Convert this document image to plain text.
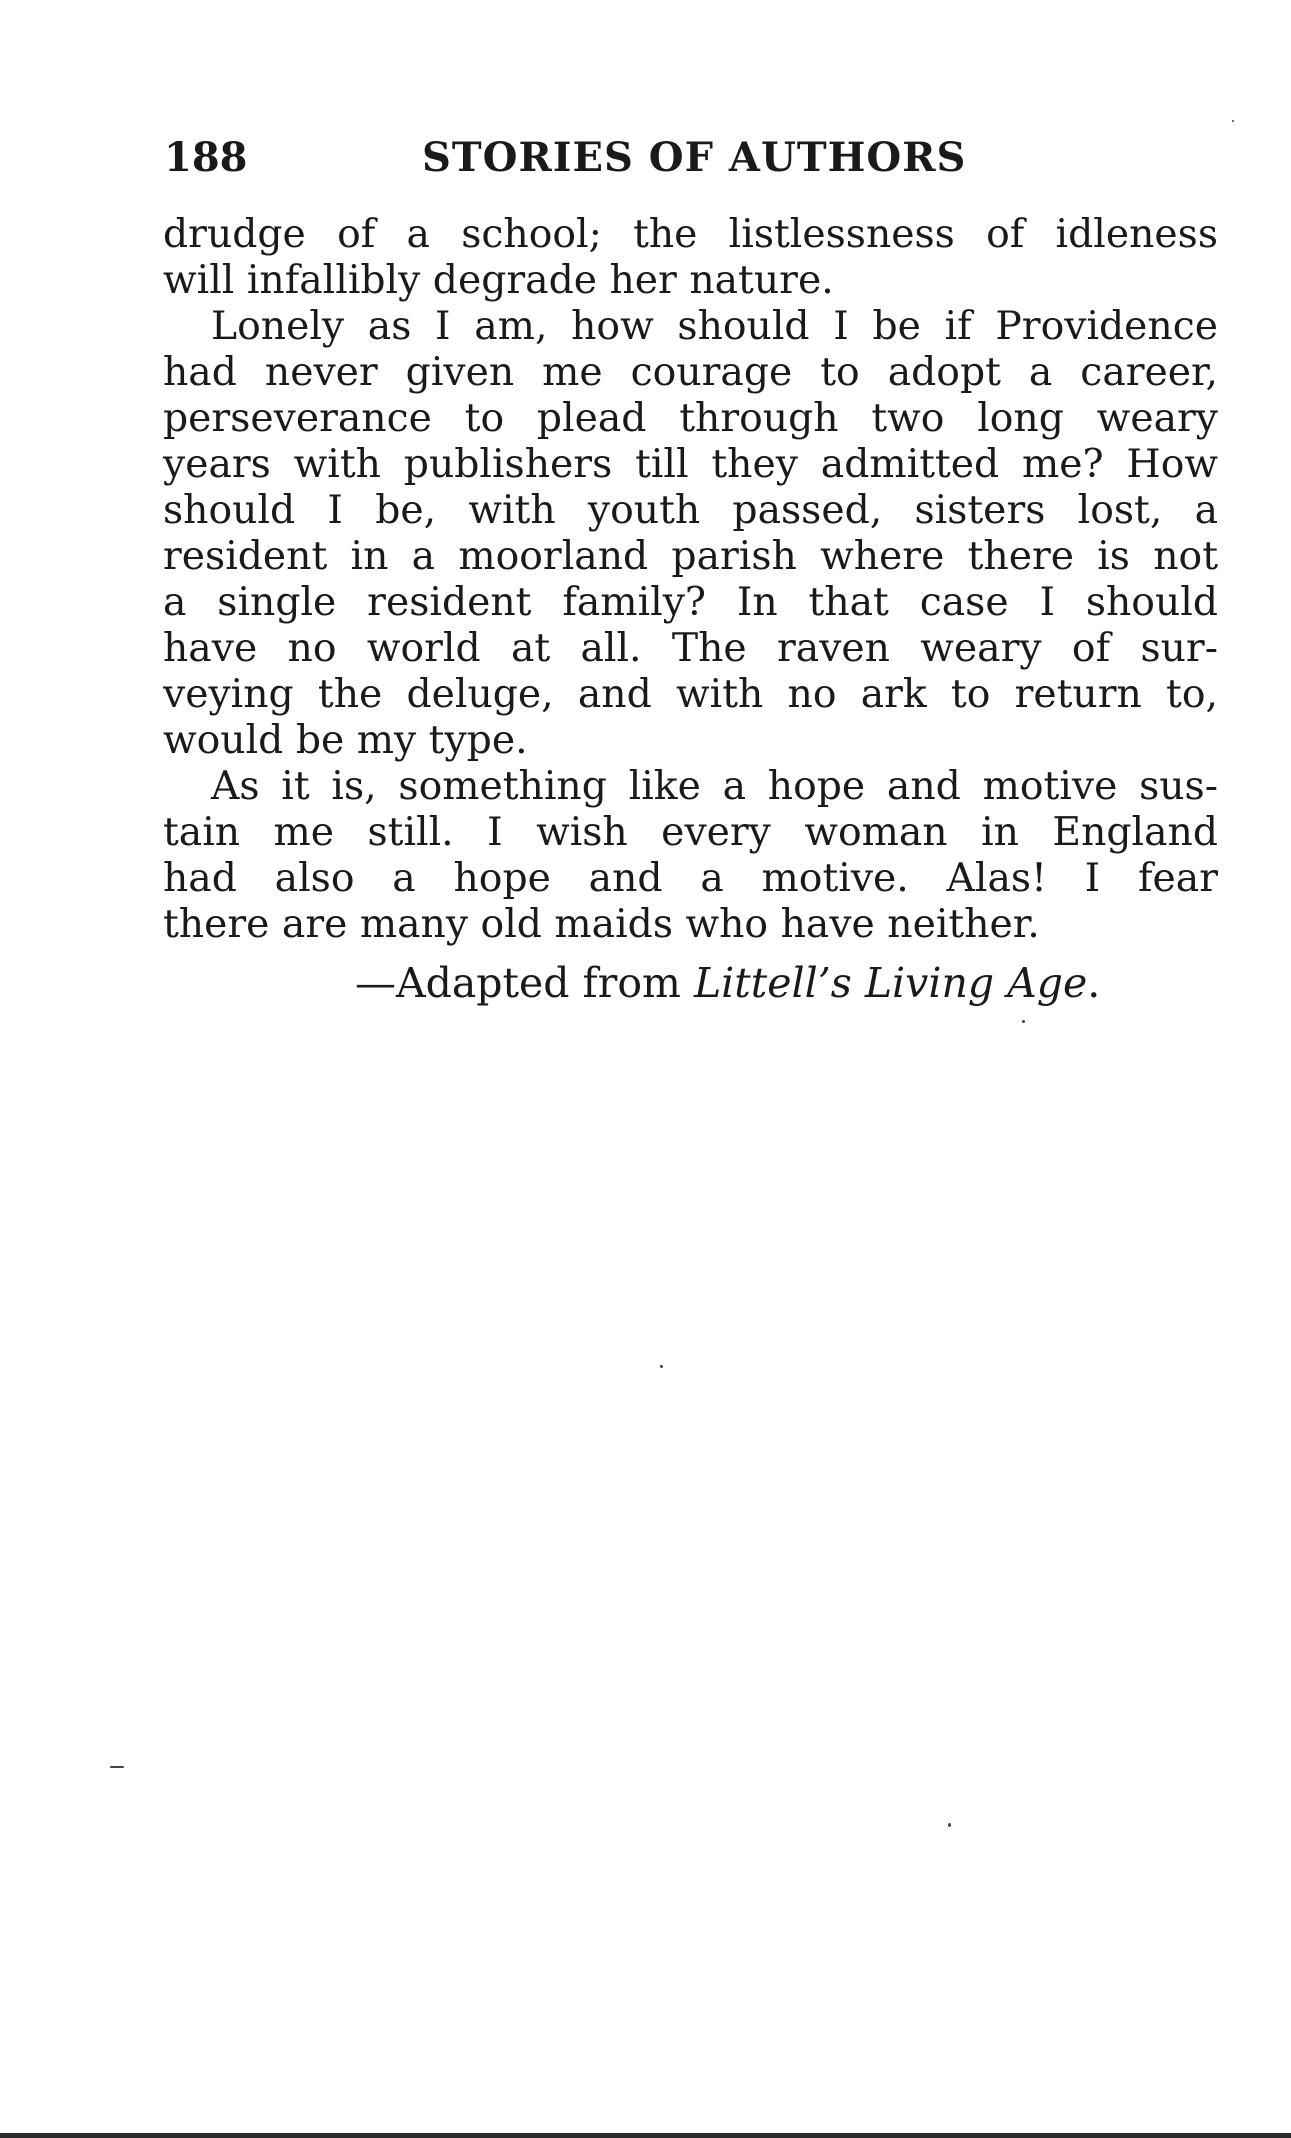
188	STORIES OF AUTHORS
drudge of a school; the listlessness of idleness
will infallibly degrade her nature.
Lonely as I am, how should I be if Providence
had never given me courage to adopt a career,
perseverance to plead through two long weary
years with publishers till they admitted me? How
should I be, with youth passed, sisters lost, a
resident in a moorland parish where there is not
a single resident family? In that case I should
have no world at all. The raven weary of sur-
veying the deluge, and with no ark to return to,
would be my type.
As it is, something like a hope and motive sus-
tain me still. I wish every woman in England
had also a hope and a motive. Alas! I fear
there are many old maids who have neither.
—Adapted from Littell’s Living Age.
